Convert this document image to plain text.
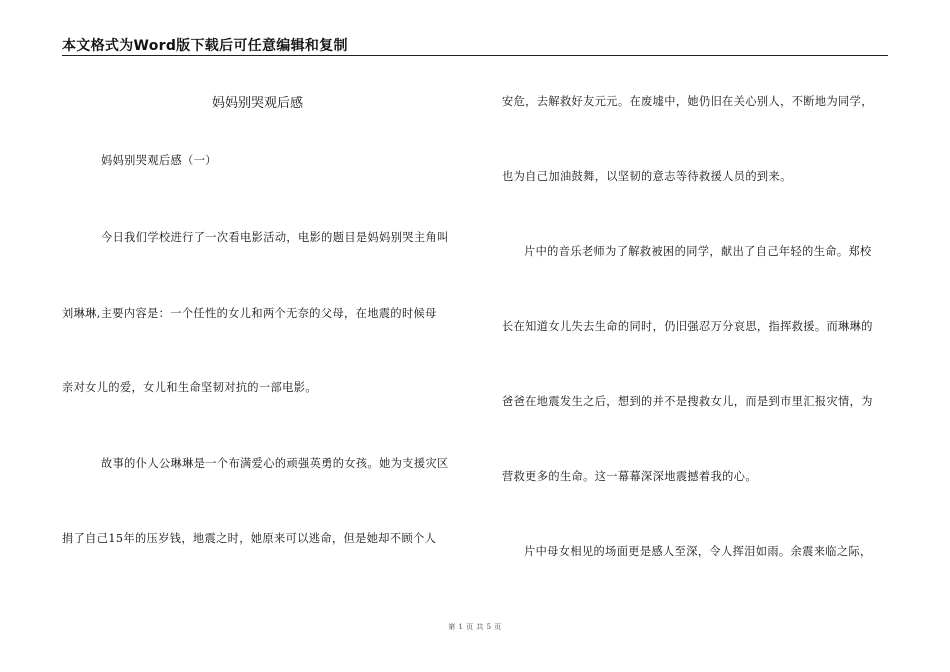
本文格式为Word版下载后可任意编辑和复制
妈妈别哭观后感
妈妈别哭观后感（一）
今日我们学校进行了一次看电影活动，电影的题目是妈妈别哭主角叫
刘琳琳,主要内容是：一个任性的女儿和两个无奈的父母，在地震的时候母
亲对女儿的爱，女儿和生命坚韧对抗的一部电影。
故事的仆人公琳琳是一个布满爱心的顽强英勇的女孩。她为支援灾区
捐了自己15年的压岁钱，地震之时，她原来可以逃命，但是她却不顾个人
安危，去解救好友元元。在废墟中，她仍旧在关心别人，不断地为同学，
也为自己加油鼓舞，以坚韧的意志等待救援人员的到来。
片中的音乐老师为了解救被困的同学，献出了自己年轻的生命。郑校
长在知道女儿失去生命的同时，仍旧强忍万分哀思，指挥救援。而琳琳的
爸爸在地震发生之后，想到的并不是搜救女儿，而是到市里汇报灾情，为
营救更多的生命。这一幕幕深深地震撼着我的心。
片中母女相见的场面更是感人至深，令人挥泪如雨。余震来临之际，
第 1 页 共 5 页
